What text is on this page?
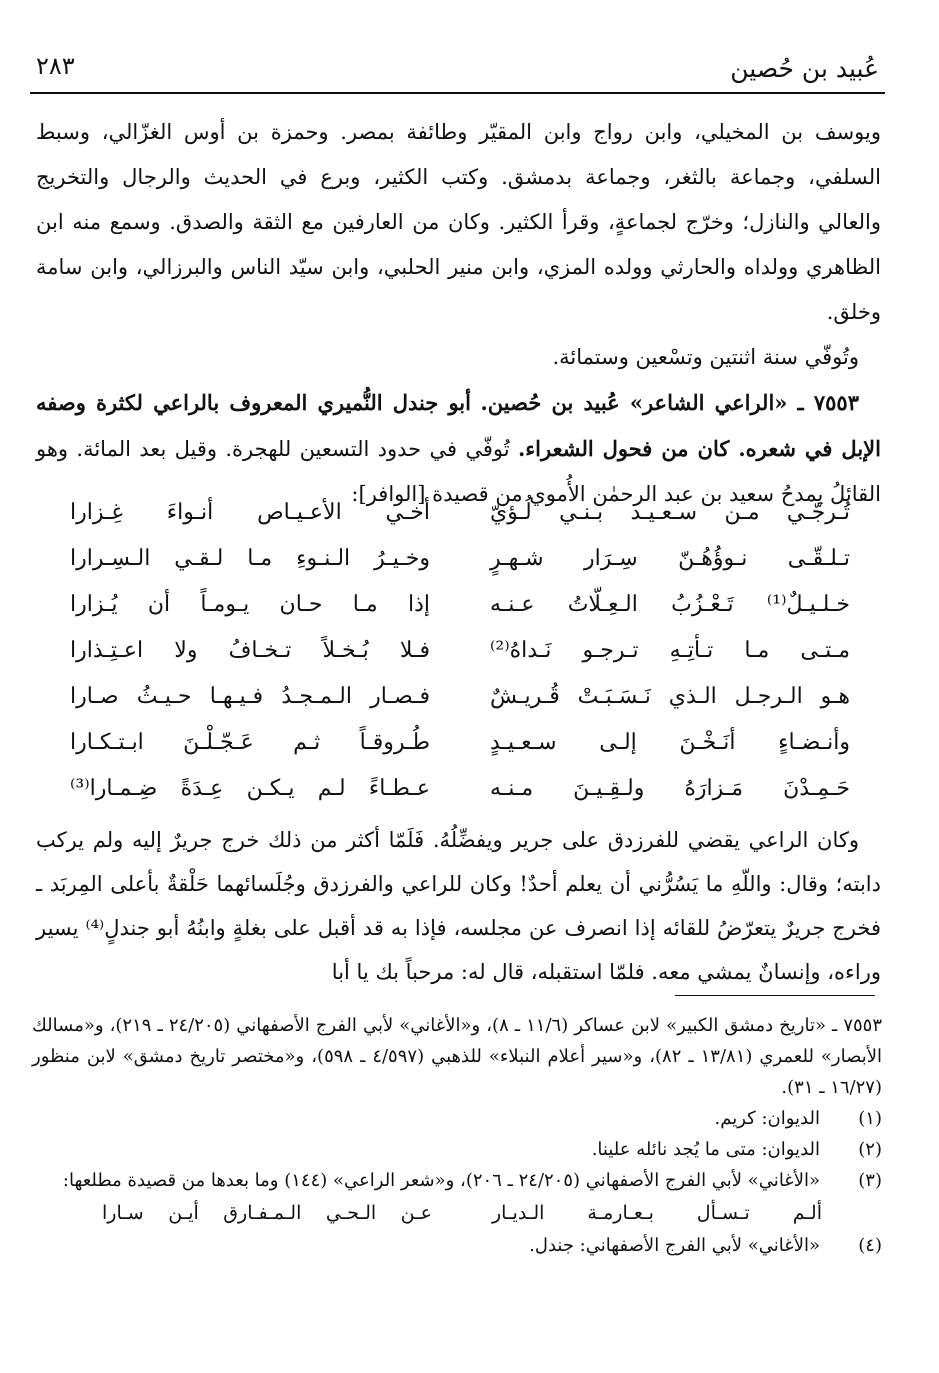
٢٨٣	عُبيد بن حُصين

ويوسف بن المخيلي، وابن رواج وابن المقيّر وطائفة بمصر. وحمزة بن أوس الغزّالي، وسبط السلفي، وجماعة بالثغر، وجماعة بدمشق. وكتب الكثير، وبرع في الحديث والرجال والتخريج والعالي والنازل؛ وخرّج لجماعةٍ، وقرأ الكثير. وكان من العارفين مع الثقة والصدق. وسمع منه ابن الظاهري وولداه والحارثي وولده المزي، وابن منير الحلبي، وابن سيّد الناس والبرزالي، وابن سامة وخلق.

وتُوفّي سنة اثنتين وتسْعين وستمائة.

٧٥٥٣ ـ «الراعي الشاعر» عُبيد بن حُصين. أبو جندل النُّميري المعروف بالراعي لكثرة وصفه الإبل في شعره. كان من فحول الشعراء. تُوفّي في حدود التسعين للهجرة. وقيل بعد المائة. وهو القائلُ يمدحُ سعيد بن عبد الرحمٰن الأُموي من قصيدة [الوافر]:

تُـرجّـي مـن سـعـيـد بـنـي لُـؤيّ
أخـي الأعـيـاص أنـواءَ غِـزارا
تـلـقّـى نـوؤُهُـنّ سِـرَار شـهـرٍ
وخـيـرُ الـنـوءِ مـا لـقـي الـسِـرارا
خـلـيـلٌ⁽¹⁾ تَـعْـزُبُ الـعِـلّاتُ عـنـه
إذا مـا حـان يـومـاً أن يُـزارا
مـتـى مـا تـأتِـهِ تـرجـو نَـداهُ⁽²⁾
فـلا بُـخـلاً تـخـافُ ولا اعـتِـذارا
هـو الـرجـل الـذي نَـسَـبَـتْ قُـريـشٌ
فـصـار الـمـجـدُ فـيـهـا حـيـثُ صـارا
وأنـضـاءٍ أنَـخْـنَ إلـى سـعـيـدٍ
طُـروقـاً ثـم عَـجّـلْـنَ ابـتـكـارا
حَـمِـدْنَ مَـزارَهُ ولـقِـيـنَ مـنـه
عـطـاءً لـم يـكـن عِـدَةً ضِـمـارا⁽³⁾

وكان الراعي يقضي للفرزدق على جرير ويفضِّلُهُ. فَلَمّا أكثر من ذلك خرج جريرٌ إليه ولم يركب دابته؛ وقال: واللّهِ ما يَسُرُّني أن يعلم أحدٌ! وكان للراعي والفرزدق وجُلَسائهما حَلْقةٌ بأعلى المِربَد ـ فخرج جريرٌ يتعرّضُ للقائه إذا انصرف عن مجلسه، فإذا به قد أقبل على بغلةٍ وابنُهُ أبو جندلٍ⁽⁴⁾ يسير وراءه، وإنسانٌ يمشي معه. فلمّا استقبله، قال له: مرحباً بك يا أبا

٧٥٥٣ ـ «تاريخ دمشق الكبير» لابن عساكر (١١/٦ ـ ٨)، و«الأغاني» لأبي الفرج الأصفهاني (٢٤/٢٠٥ ـ ٢١٩)، و«مسالك الأبصار» للعمري (١٣/٨١ ـ ٨٢)، و«سير أعلام النبلاء» للذهبي (٤/٥٩٧ ـ ٥٩٨)، و«مختصر تاريخ دمشق» لابن منظور (١٦/٢٧ ـ ٣١).

(١)
الديوان: كريم.
(٢)
الديوان: متى ما يُجد نائله علينا.
(٣)
«الأغاني» لأبي الفرج الأصفهاني (٢٤/٢٠٥ ـ ٢٠٦)، و«شعر الراعي» (١٤٤) وما بعدها من قصيدة مطلعها:
ألـم تـسـأل بـعـارمـة الـديـار
عـن الـحـي الـمـفـارق أيـن سـارا
(٤)
«الأغاني» لأبي الفرج الأصفهاني: جندل.
